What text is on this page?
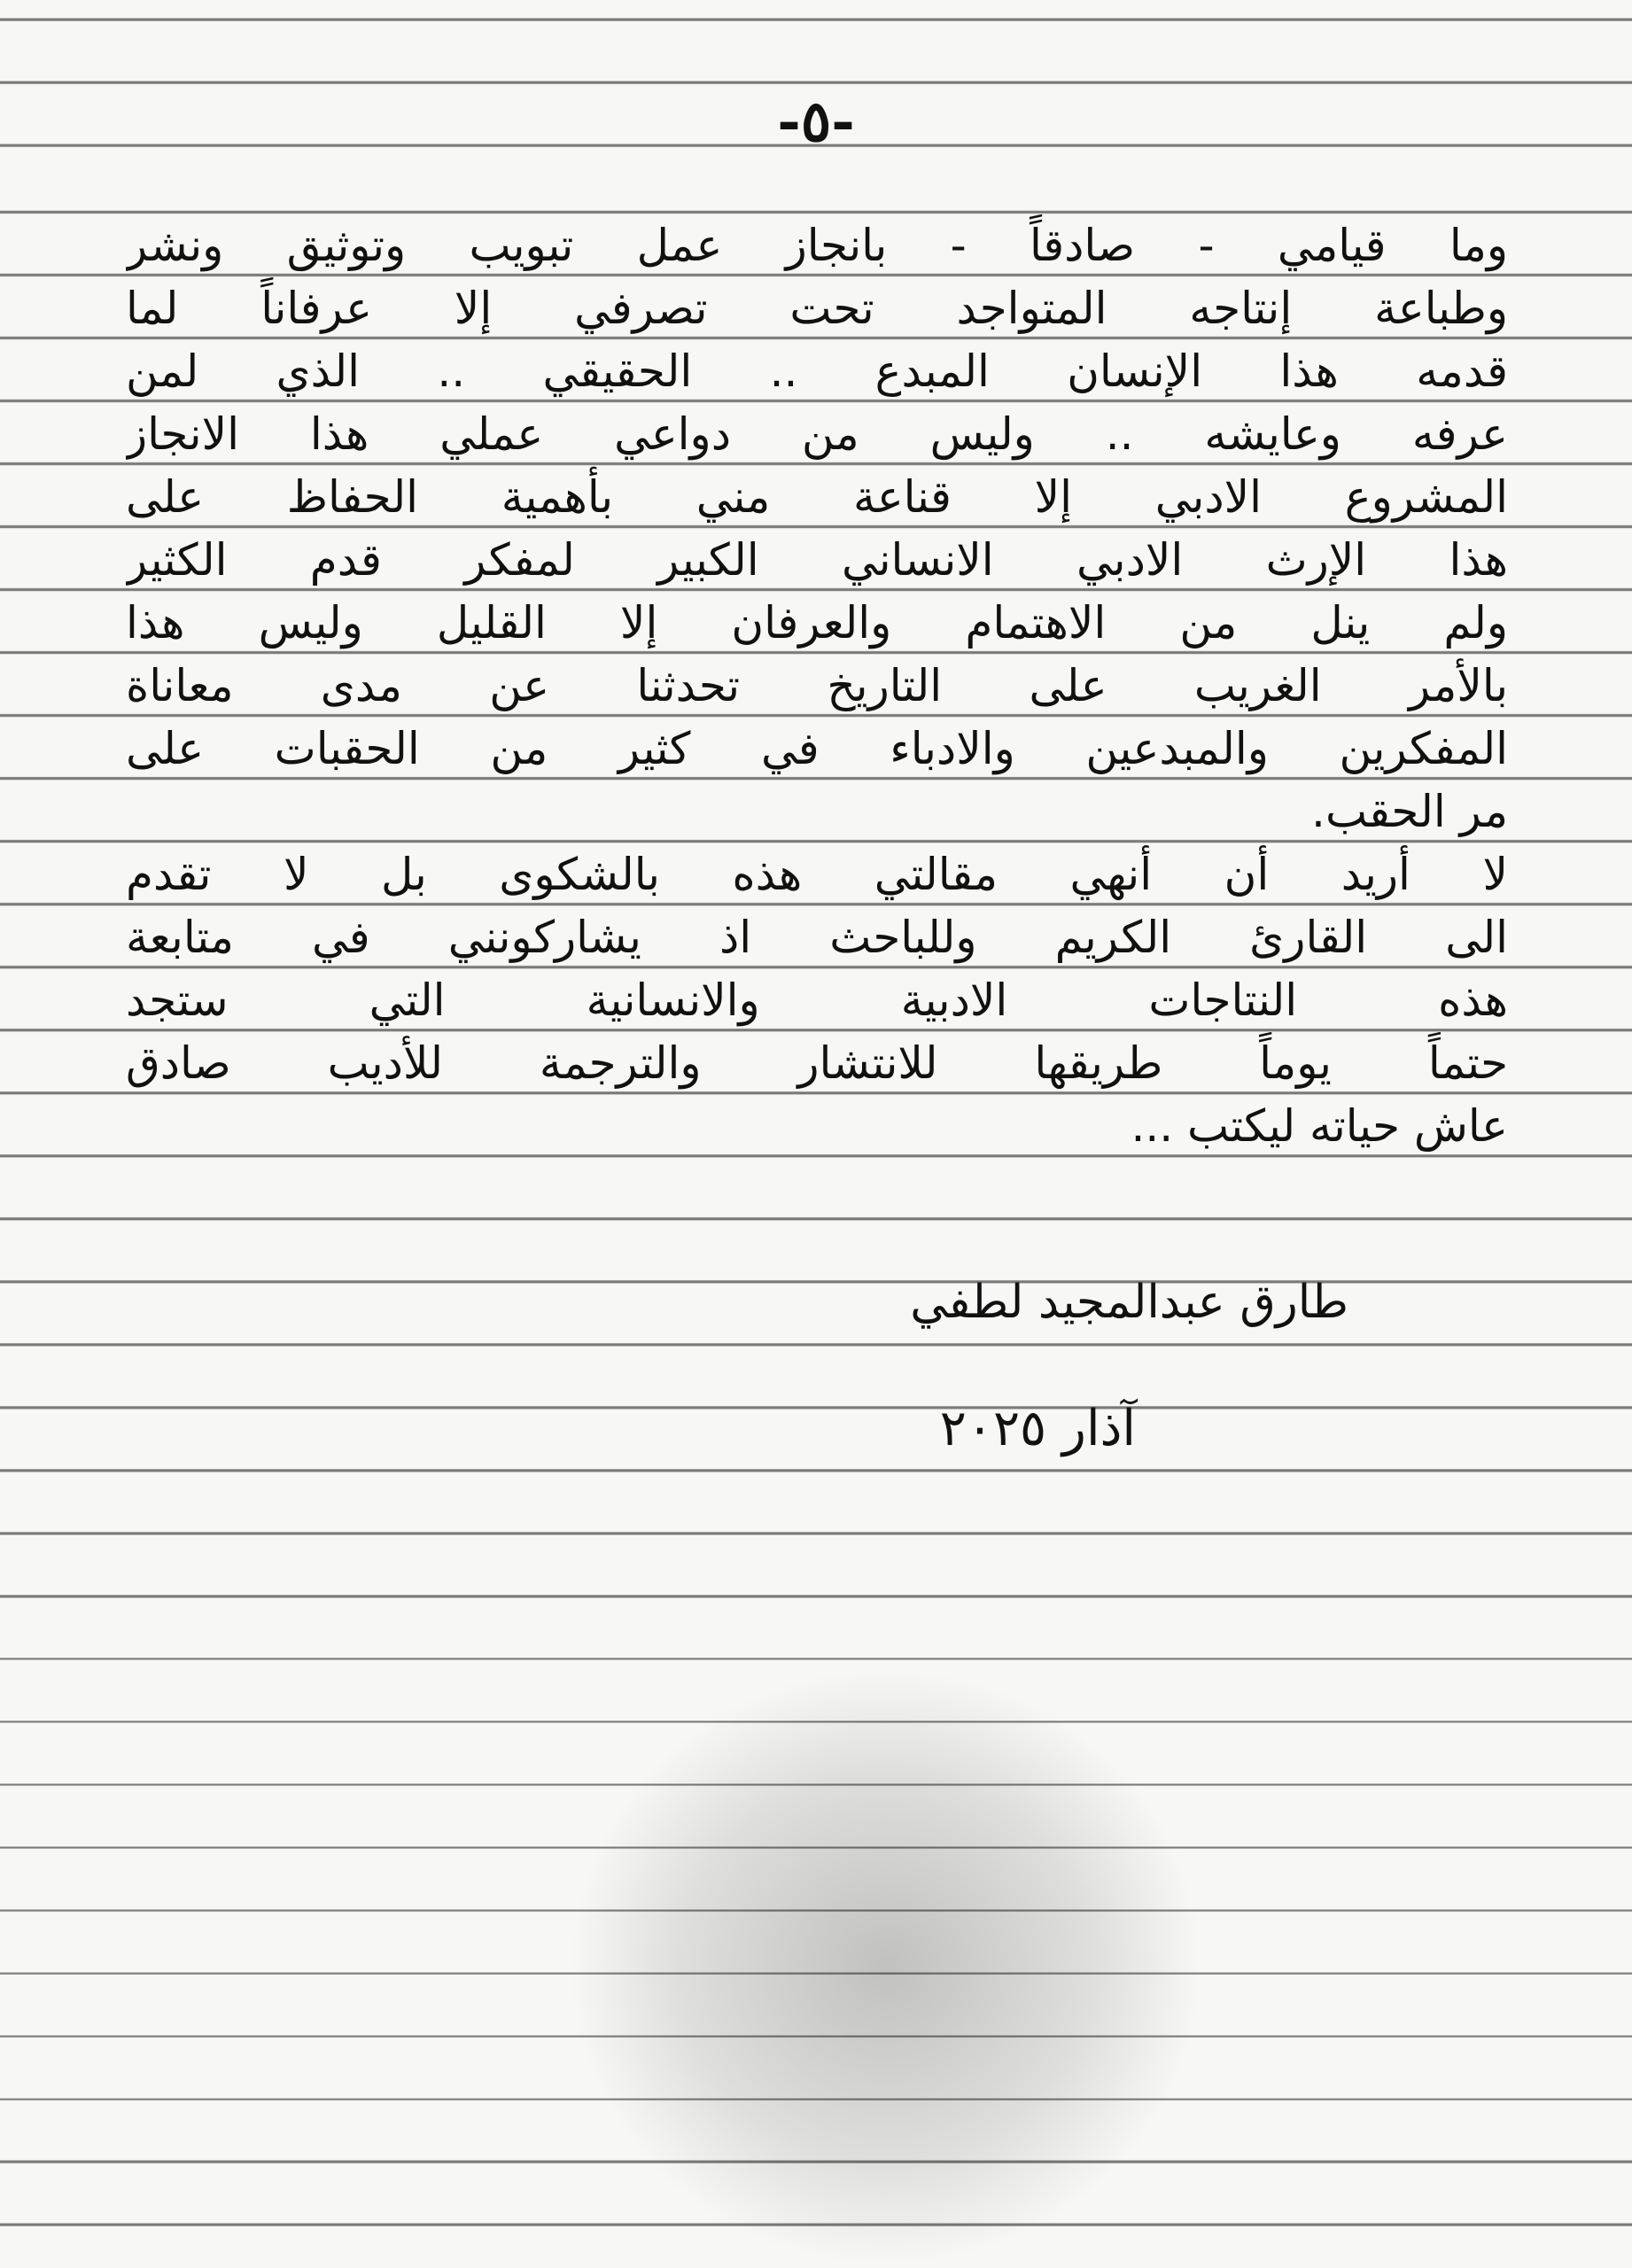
-٥-
وما قيامي - صادقاً - بانجاز عمل تبويب وتوثيق ونشر
وطباعة إنتاجه المتواجد تحت تصرفي إلا عرفاناً لما
قدمه هذا الإنسان المبدع .. الحقيقي .. الذي لمن
عرفه وعايشه .. وليس من دواعي عملي هذا الانجاز
المشروع الادبي إلا قناعة مني بأهمية الحفاظ على
هذا الإرث الادبي الانساني الكبير لمفكر قدم الكثير
ولم ينل من الاهتمام والعرفان إلا القليل وليس هذا
بالأمر الغريب على التاريخ تحدثنا عن مدى معاناة
المفكرين والمبدعين والادباء في كثير من الحقبات على
مر الحقب.
لا أريد أن أنهي مقالتي هذه بالشكوى بل لا تقدم
الى القارئ الكريم وللباحث اذ يشاركونني في متابعة
هذه النتاجات الادبية والانسانية التي ستجد
حتماً يوماً طريقها للانتشار والترجمة للأديب صادق
عاش حياته ليكتب ...
طارق عبدالمجيد لطفي
آذار ٢٠٢٥
